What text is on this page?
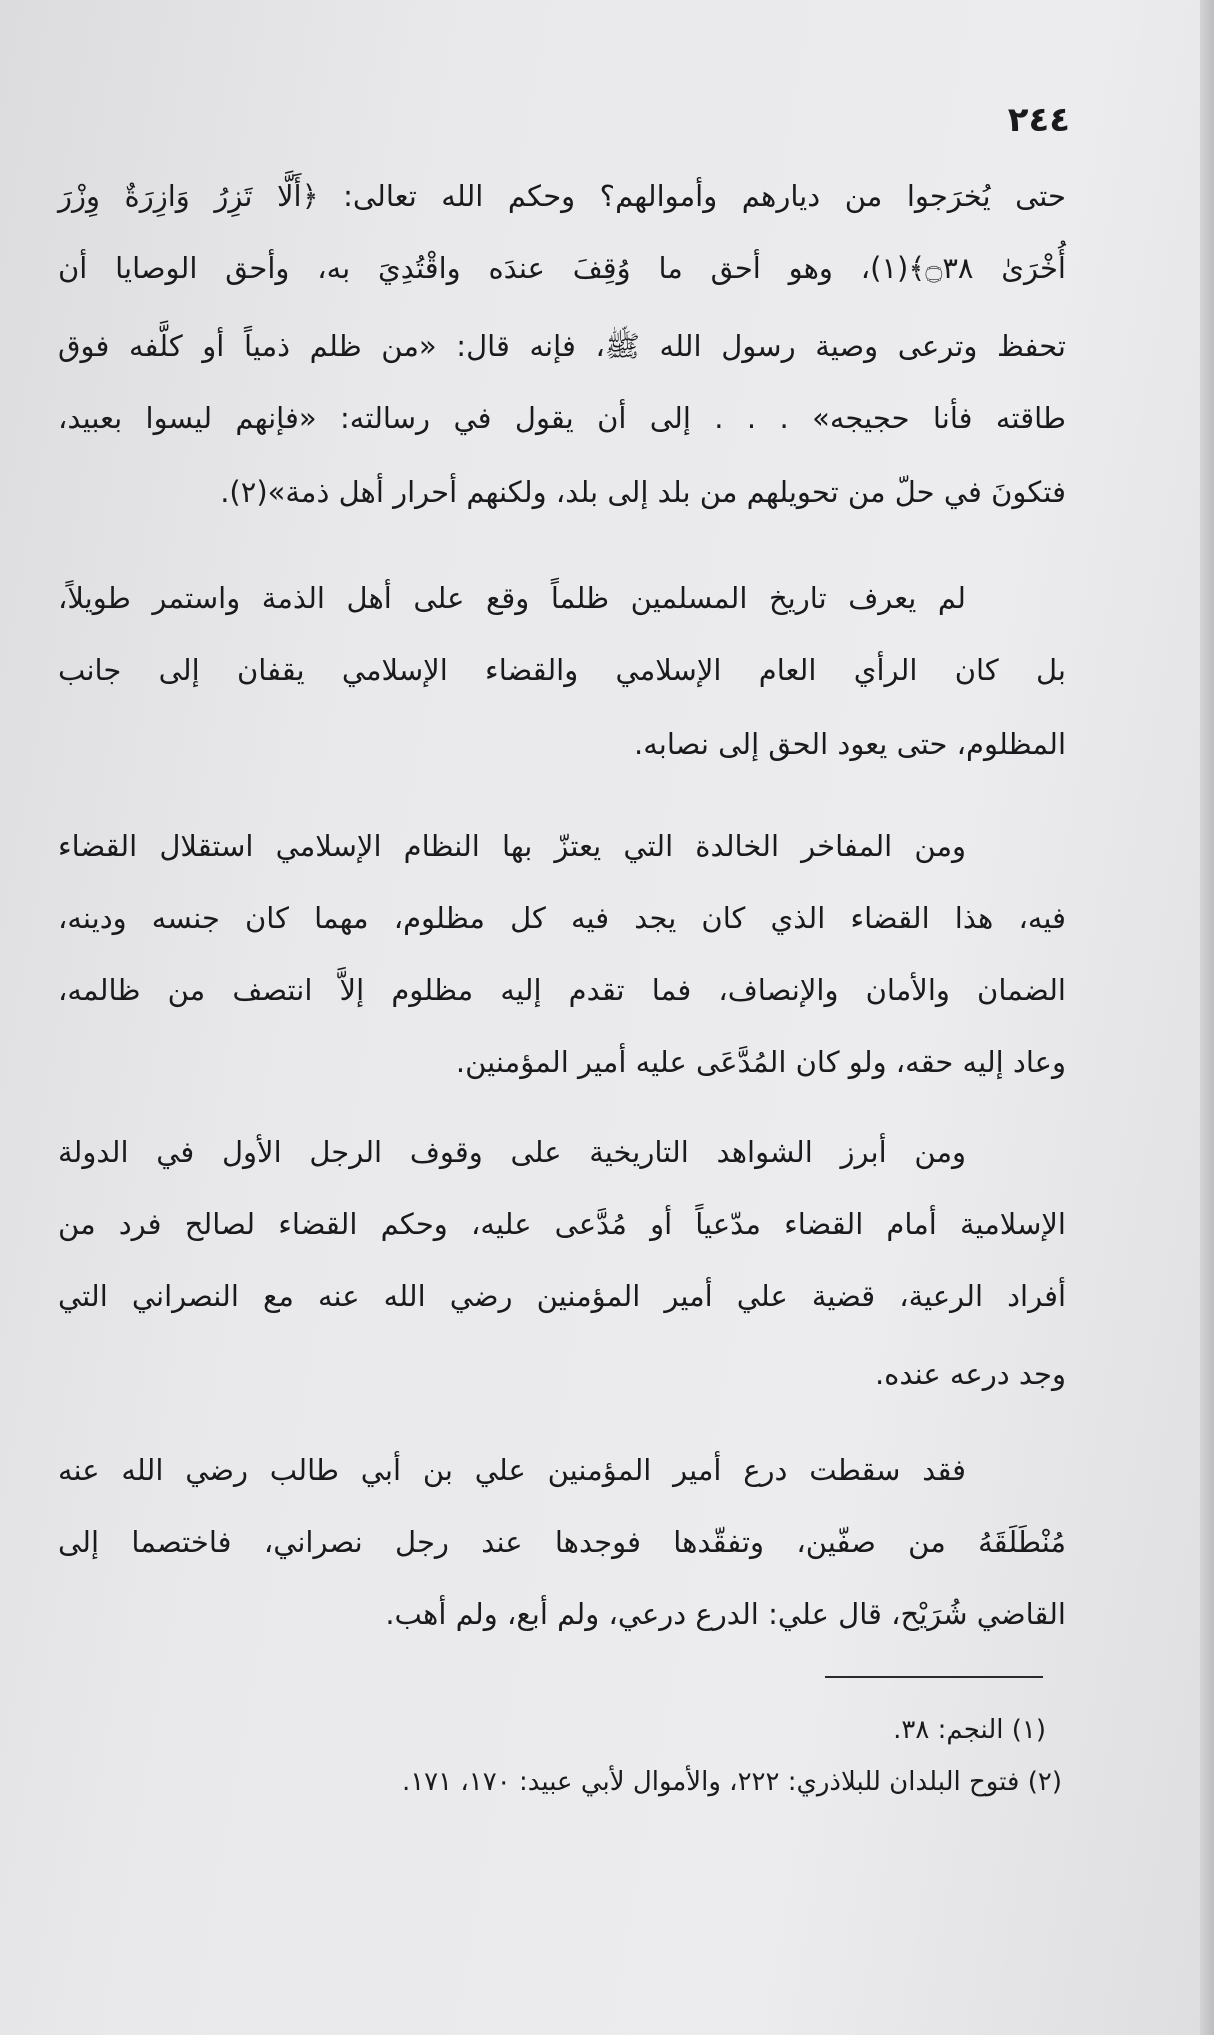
٢٤٤
حتى يُخرَجوا من ديارهم وأموالهم؟ وحكم الله تعالى: ﴿أَلَّا تَزِرُ وَازِرَةٌ وِزْرَ
أُخْرَىٰ ۝٣٨﴾(١)، وهو أحق ما وُقِفَ عندَه واقْتُدِيَ به، وأحق الوصايا أن
تحفظ وترعى وصية رسول الله ﷺ، فإنه قال: «من ظلم ذمياً أو كلَّفه فوق
طاقته فأنا حجيجه» . . . إلى أن يقول في رسالته: «فإنهم ليسوا بعبيد،
فتكونَ في حلّ من تحويلهم من بلد إلى بلد، ولكنهم أحرار أهل ذمة»(٢).
لم يعرف تاريخ المسلمين ظلماً وقع على أهل الذمة واستمر طويلاً،
بل كان الرأي العام الإسلامي والقضاء الإسلامي يقفان إلى جانب
المظلوم، حتى يعود الحق إلى نصابه.
ومن المفاخر الخالدة التي يعتزّ بها النظام الإسلامي استقلال القضاء
فيه، هذا القضاء الذي كان يجد فيه كل مظلوم، مهما كان جنسه ودينه،
الضمان والأمان والإنصاف، فما تقدم إليه مظلوم إلاَّ انتصف من ظالمه،
وعاد إليه حقه، ولو كان المُدَّعَى عليه أمير المؤمنين.
ومن أبرز الشواهد التاريخية على وقوف الرجل الأول في الدولة
الإسلامية أمام القضاء مدّعياً أو مُدَّعى عليه، وحكم القضاء لصالح فرد من
أفراد الرعية، قضية علي أمير المؤمنين رضي الله عنه مع النصراني التي
وجد درعه عنده.
فقد سقطت درع أمير المؤمنين علي بن أبي طالب رضي الله عنه
مُنْطَلَقَهُ من صفّين، وتفقّدها فوجدها عند رجل نصراني، فاختصما إلى
القاضي شُرَيْح، قال علي: الدرع درعي، ولم أبع، ولم أهب.
(١) النجم: ٣٨.
(٢) فتوح البلدان للبلاذري: ٢٢٢، والأموال لأبي عبيد: ١٧٠، ١٧١.
